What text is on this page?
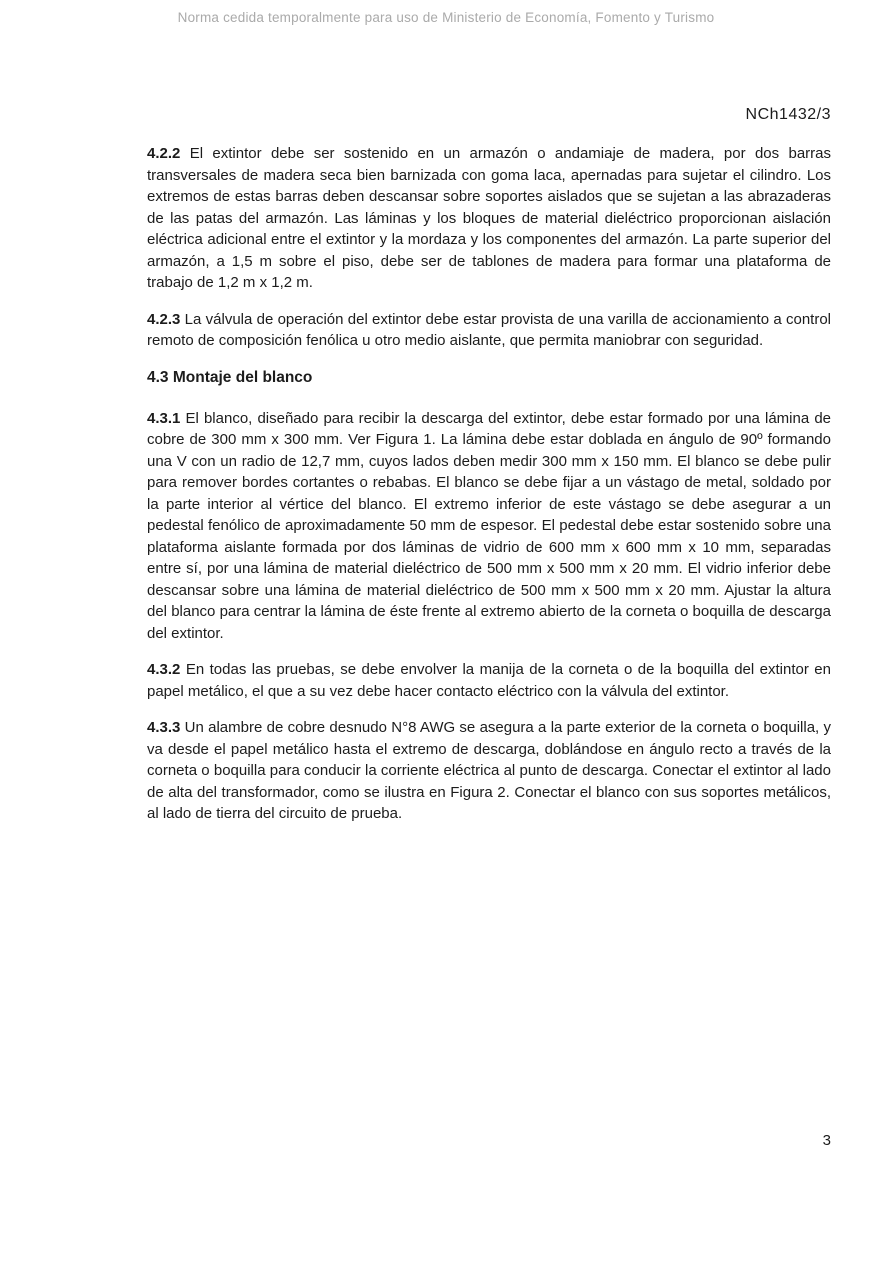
Norma cedida temporalmente para uso de Ministerio de Economía, Fomento y Turismo
NCh1432/3

4.2.2 El extintor debe ser sostenido en un armazón o andamiaje de madera, por dos barras transversales de madera seca bien barnizada con goma laca, apernadas para sujetar el cilindro. Los extremos de estas barras deben descansar sobre soportes aislados que se sujetan a las abrazaderas de las patas del armazón. Las láminas y los bloques de material dieléctrico proporcionan aislación eléctrica adicional entre el extintor y la mordaza y los componentes del armazón. La parte superior del armazón, a 1,5 m sobre el piso, debe ser de tablones de madera para formar una plataforma de trabajo de 1,2 m x 1,2 m.

4.2.3 La válvula de operación del extintor debe estar provista de una varilla de accionamiento a control remoto de composición fenólica u otro medio aislante, que permita maniobrar con seguridad.

4.3 Montaje del blanco

4.3.1 El blanco, diseñado para recibir la descarga del extintor, debe estar formado por una lámina de cobre de 300 mm x 300 mm. Ver Figura 1. La lámina debe estar doblada en ángulo de 90º formando una V con un radio de 12,7 mm, cuyos lados deben medir 300 mm x 150 mm. El blanco se debe pulir para remover bordes cortantes o rebabas. El blanco se debe fijar a un vástago de metal, soldado por la parte interior al vértice del blanco. El extremo inferior de este vástago se debe asegurar a un pedestal fenólico de aproximadamente 50 mm de espesor. El pedestal debe estar sostenido sobre una plataforma aislante formada por dos láminas de vidrio de 600 mm x 600 mm x 10 mm, separadas entre sí, por una lámina de material dieléctrico de 500 mm x 500 mm x 20 mm. El vidrio inferior debe descansar sobre una lámina de material dieléctrico de 500 mm x 500 mm x 20 mm. Ajustar la altura del blanco para centrar la lámina de éste frente al extremo abierto de la corneta o boquilla de descarga del extintor.

4.3.2 En todas las pruebas, se debe envolver la manija de la corneta o de la boquilla del extintor en papel metálico, el que a su vez debe hacer contacto eléctrico con la válvula del extintor.

4.3.3 Un alambre de cobre desnudo N°8 AWG se asegura a la parte exterior de la corneta o boquilla, y va desde el papel metálico hasta el extremo de descarga, doblándose en ángulo recto a través de la corneta o boquilla para conducir la corriente eléctrica al punto de descarga. Conectar el extintor al lado de alta del transformador, como se ilustra en Figura 2. Conectar el blanco con sus soportes metálicos, al lado de tierra del circuito de prueba.

3
